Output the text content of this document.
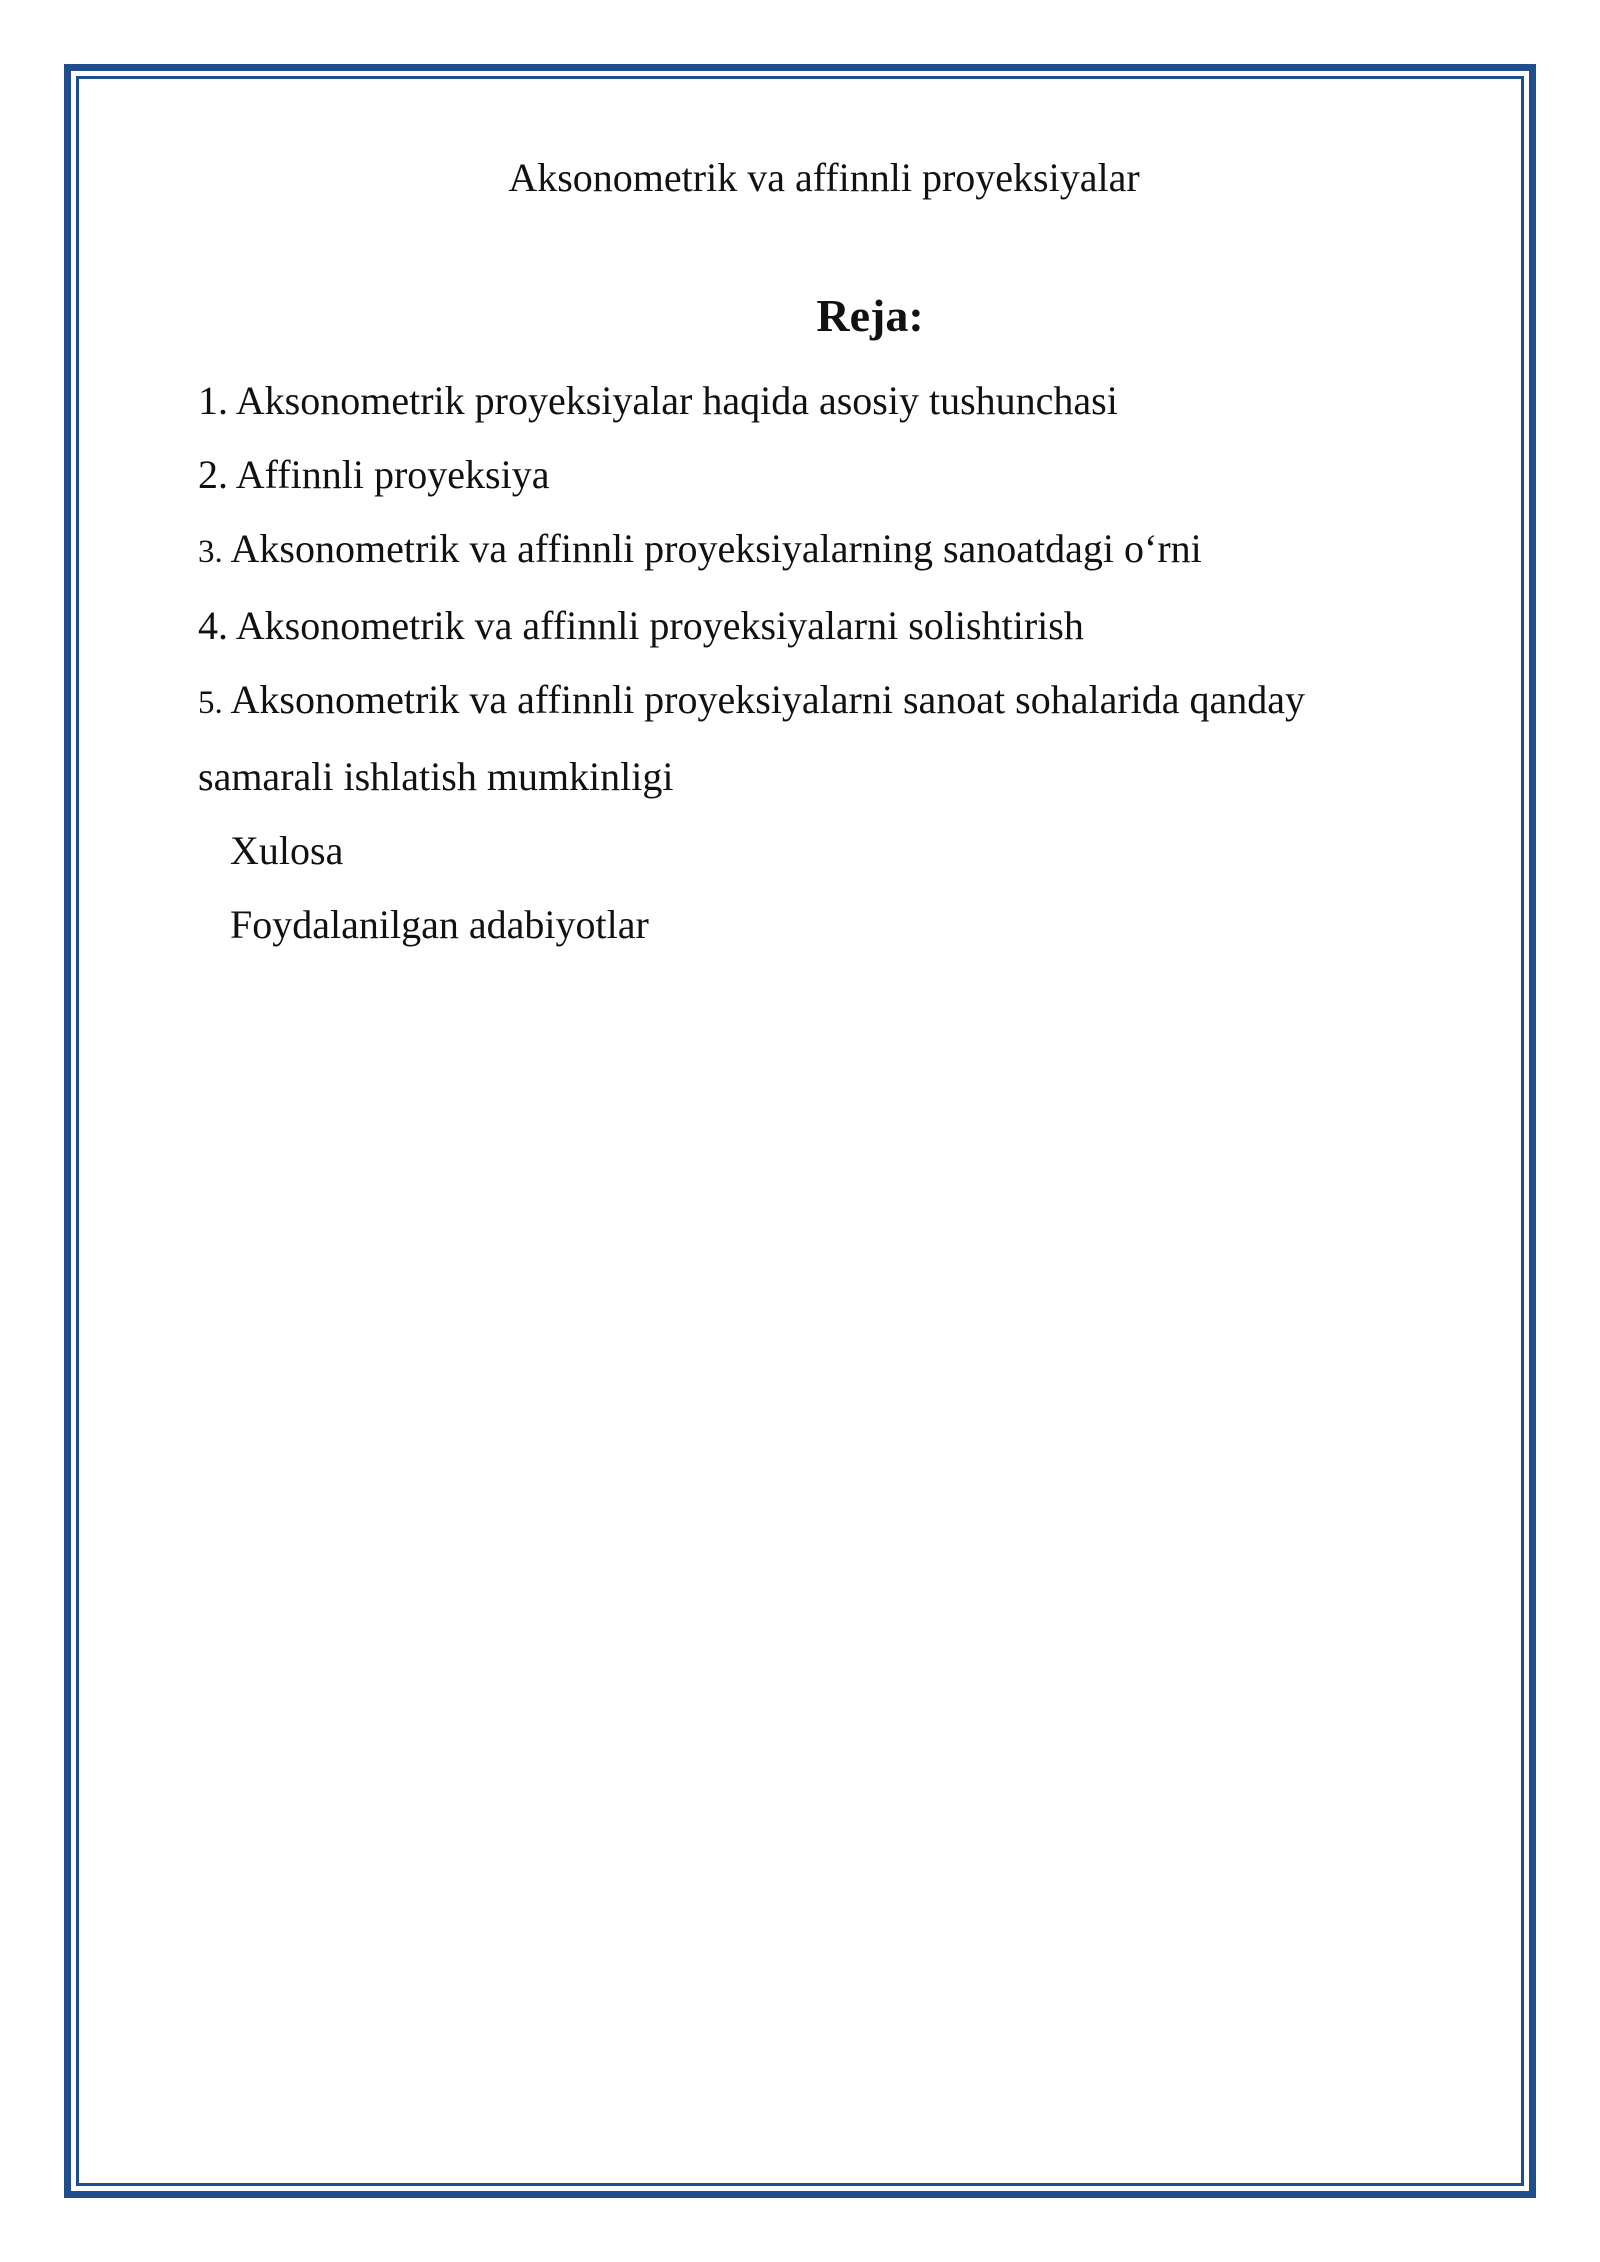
Aksonometrik va affinnli proyeksiyalar
Reja:
1. Aksonometrik proyeksiyalar haqida asosiy tushunchasi
2. Affinnli proyeksiya
3. Aksonometrik va affinnli proyeksiyalarning sanoatdagi o‘rni
4. Aksonometrik va affinnli proyeksiyalarni solishtirish
5. Aksonometrik va affinnli proyeksiyalarni sanoat sohalarida qanday
samarali ishlatish mumkinligi
Xulosa
Foydalanilgan adabiyotlar
